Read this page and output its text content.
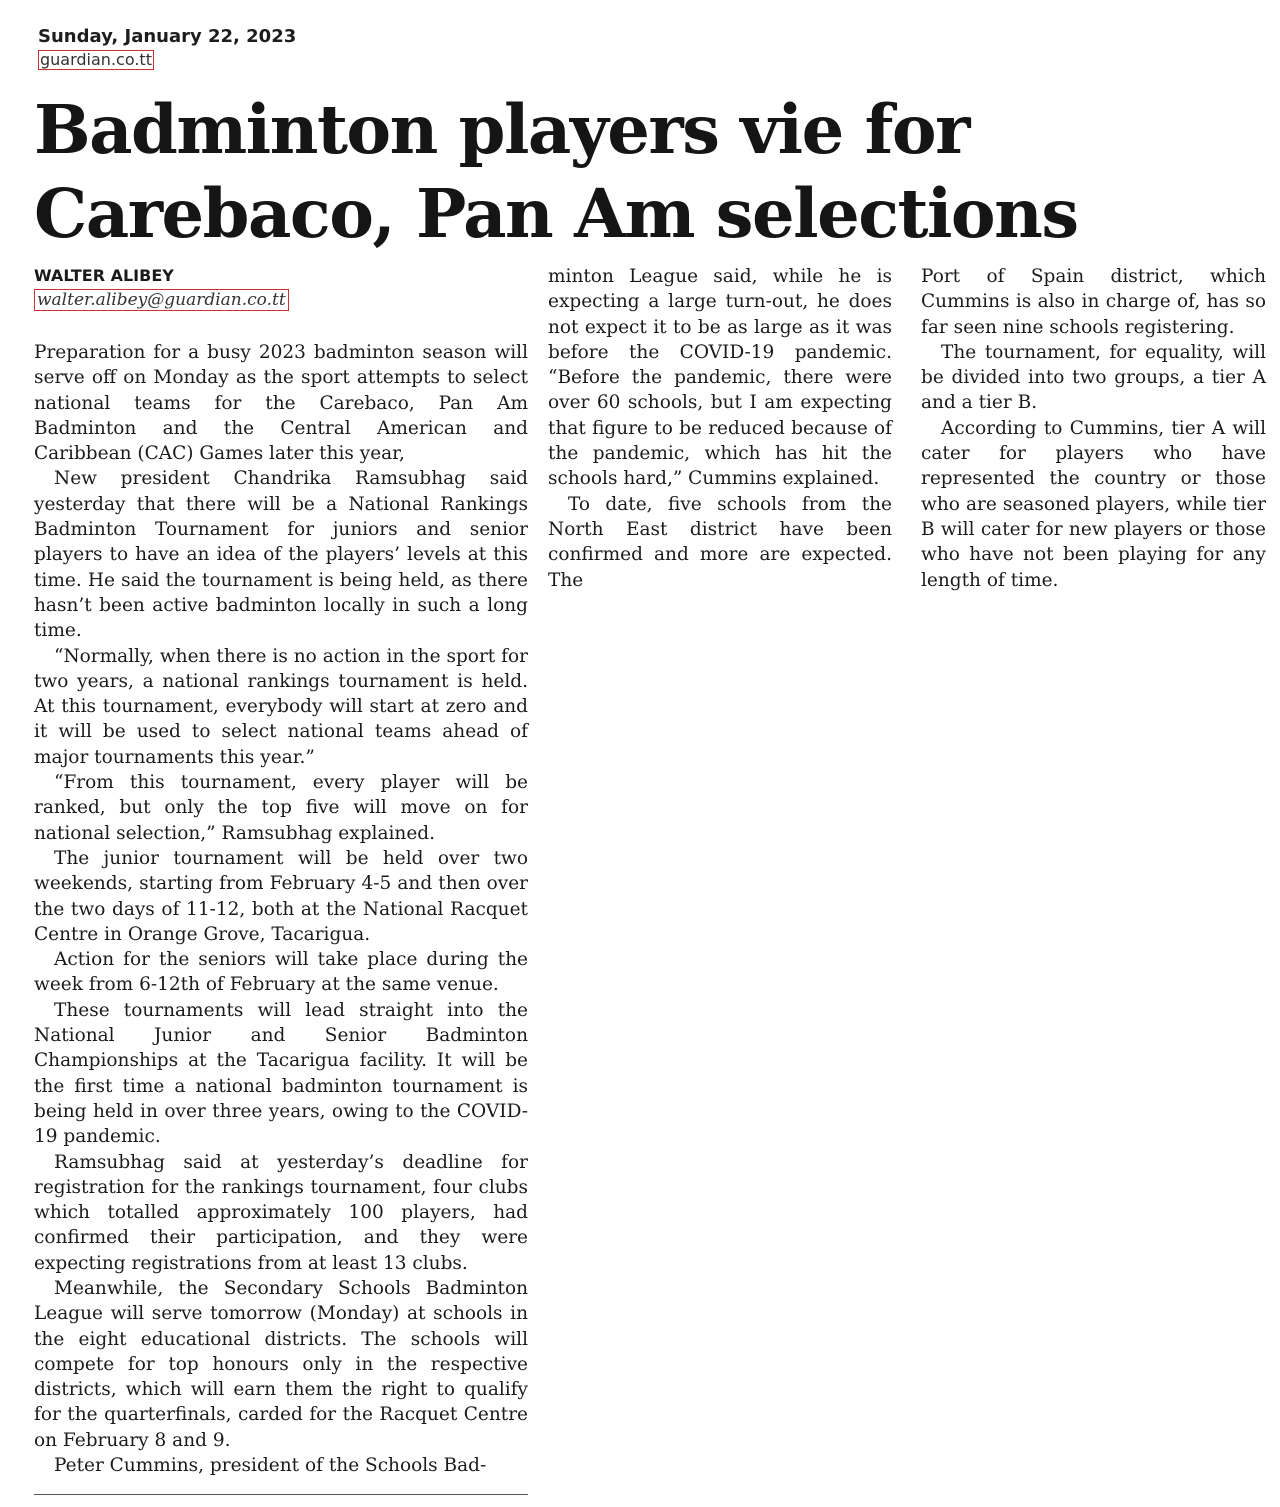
Sunday, January 22, 2023
guardian.co.tt
Badminton players vie for
Carebaco, Pan Am selections
WALTER ALIBEY
walter.alibey@guardian.co.tt

Preparation for a busy 2023 badminton season will serve off on Monday as the sport attempts to select national teams for the Carebaco, Pan Am Badminton and the Central American and Caribbean (CAC) Games later this year,

New president Chandrika Ramsubhag said yesterday that there will be a National Rankings Badminton Tournament for juniors and senior players to have an idea of the players’ levels at this time. He said the tournament is being held, as there hasn’t been active badminton locally in such a long time.

“Normally, when there is no action in the sport for two years, a national rankings tournament is held. At this tournament, everybody will start at zero and it will be used to select national teams ahead of major tournaments this year.”

“From this tournament, every player will be ranked, but only the top five will move on for national selection,” Ramsubhag explained.

The junior tournament will be held over two weekends, starting from February 4-5 and then over the two days of 11-12, both at the National Racquet Centre in Orange Grove, Tacarigua.

Action for the seniors will take place during the week from 6-12th of February at the same venue.

These tournaments will lead straight into the National Junior and Senior Badminton Championships at the Tacarigua facility. It will be the first time a national badminton tournament is being held in over three years, owing to the COVID-19 pandemic.

Ramsubhag said at yesterday’s deadline for registration for the rankings tournament, four clubs which totalled approximately 100 players, had confirmed their participation, and they were expecting registrations from at least 13 clubs.

Meanwhile, the Secondary Schools Badminton League will serve tomorrow (Monday) at schools in the eight educational districts. The schools will compete for top honours only in the respective districts, which will earn them the right to qualify for the quarterfinals, carded for the Racquet Centre on February 8 and 9.

Peter Cummins, president of the Schools Bad-

minton League said, while he is expecting a large turn-out, he does not expect it to be as large as it was before the COVID-19 pandemic. “Before the pandemic, there were over 60 schools, but I am expecting that figure to be reduced because of the pandemic, which has hit the schools hard,” Cummins explained.

To date, five schools from the North East district have been confirmed and more are expected. The

Port of Spain district, which Cummins is also in charge of, has so far seen nine schools registering.

The tournament, for equality, will be divided into two groups, a tier A and a tier B.

According to Cummins, tier A will cater for players who have represented the country or those who are seasoned players, while tier B will cater for new players or those who have not been playing for any length of time.
